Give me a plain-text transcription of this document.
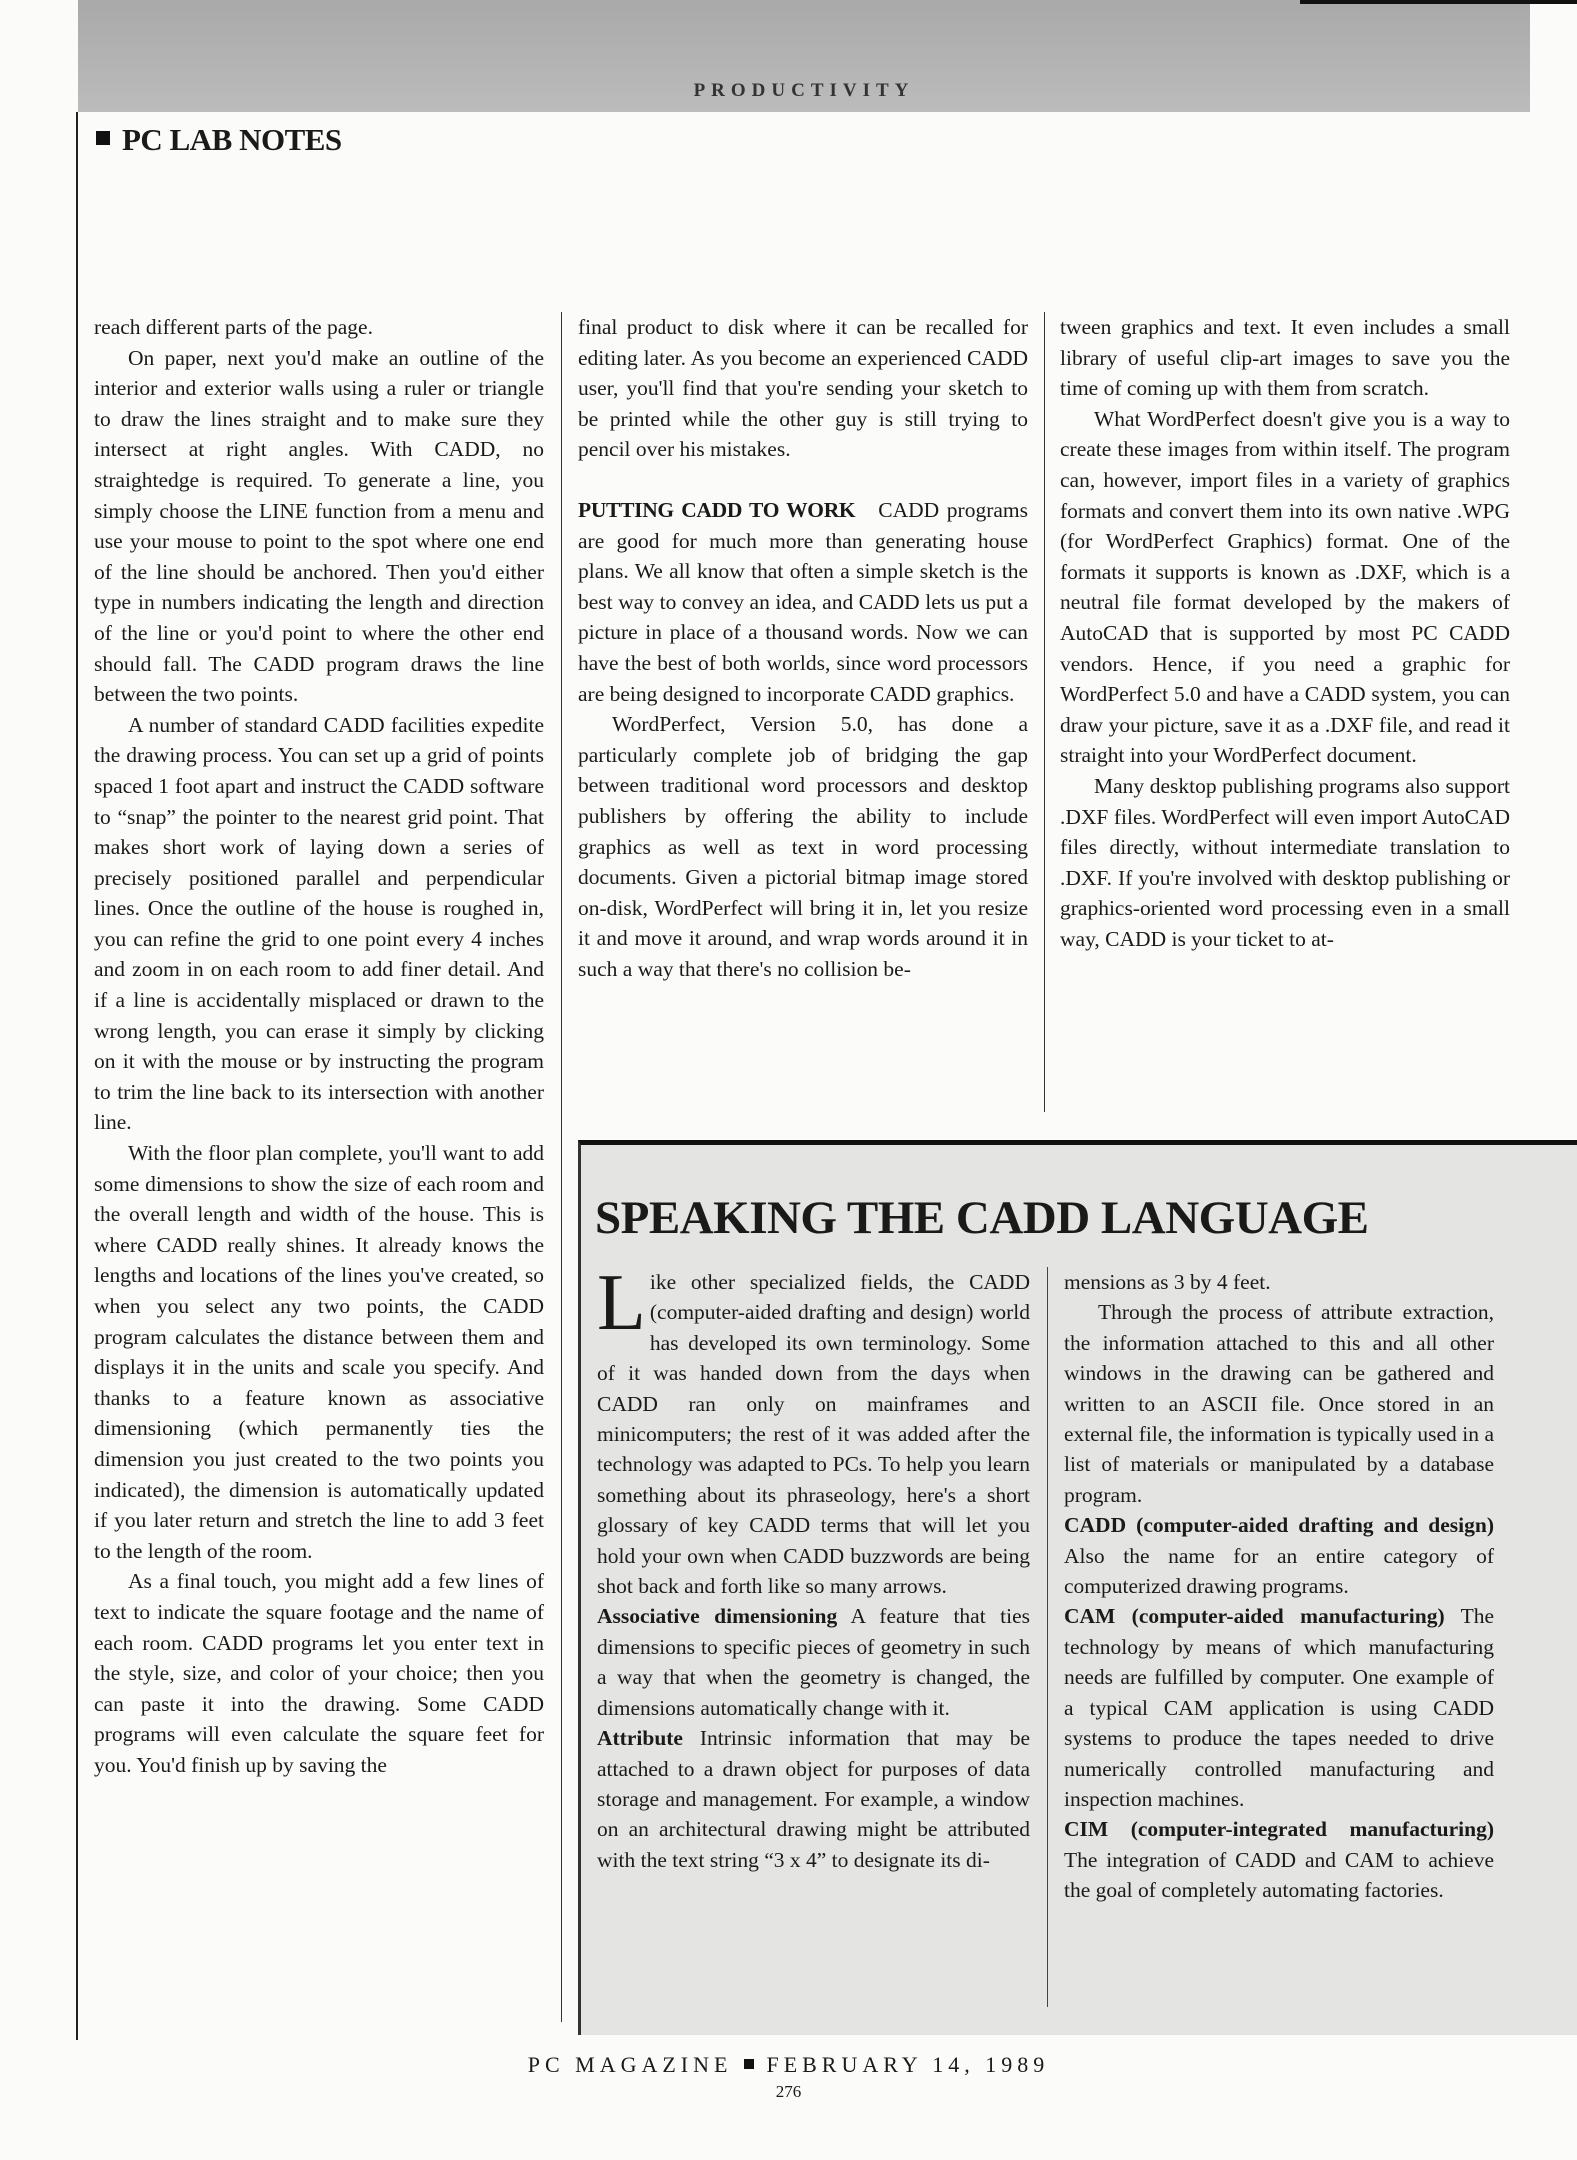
PRODUCTIVITY
PC LAB NOTES

reach different parts of the page.

On paper, next you'd make an outline of the interior and exterior walls using a ruler or triangle to draw the lines straight and to make sure they intersect at right angles. With CADD, no straightedge is required. To generate a line, you simply choose the LINE function from a menu and use your mouse to point to the spot where one end of the line should be anchored. Then you'd either type in numbers indicating the length and direction of the line or you'd point to where the other end should fall. The CADD program draws the line between the two points.

A number of standard CADD facilities expedite the drawing process. You can set up a grid of points spaced 1 foot apart and instruct the CADD software to “snap” the pointer to the nearest grid point. That makes short work of laying down a series of precisely positioned parallel and perpendicular lines. Once the outline of the house is roughed in, you can refine the grid to one point every 4 inches and zoom in on each room to add finer detail. And if a line is accidentally misplaced or drawn to the wrong length, you can erase it simply by clicking on it with the mouse or by instructing the program to trim the line back to its intersection with another line.

With the floor plan complete, you'll want to add some dimensions to show the size of each room and the overall length and width of the house. This is where CADD really shines. It already knows the lengths and locations of the lines you've created, so when you select any two points, the CADD program calculates the distance between them and displays it in the units and scale you specify. And thanks to a feature known as associative dimensioning (which permanently ties the dimension you just created to the two points you indicated), the dimension is automatically updated if you later return and stretch the line to add 3 feet to the length of the room.

As a final touch, you might add a few lines of text to indicate the square footage and the name of each room. CADD programs let you enter text in the style, size, and color of your choice; then you can paste it into the drawing. Some CADD programs will even calculate the square feet for you. You'd finish up by saving the

final product to disk where it can be recalled for editing later. As you become an experienced CADD user, you'll find that you're sending your sketch to be printed while the other guy is still trying to pencil over his mistakes.

PUTTING CADD TO WORK CADD programs are good for much more than generating house plans. We all know that often a simple sketch is the best way to convey an idea, and CADD lets us put a picture in place of a thousand words. Now we can have the best of both worlds, since word processors are being designed to incorporate CADD graphics.

WordPerfect, Version 5.0, has done a particularly complete job of bridging the gap between traditional word processors and desktop publishers by offering the ability to include graphics as well as text in word processing documents. Given a pictorial bitmap image stored on-disk, WordPerfect will bring it in, let you resize it and move it around, and wrap words around it in such a way that there's no collision be-

tween graphics and text. It even includes a small library of useful clip-art images to save you the time of coming up with them from scratch.

What WordPerfect doesn't give you is a way to create these images from within itself. The program can, however, import files in a variety of graphics formats and convert them into its own native .WPG (for WordPerfect Graphics) format. One of the formats it supports is known as .DXF, which is a neutral file format developed by the makers of AutoCAD that is supported by most PC CADD vendors. Hence, if you need a graphic for WordPerfect 5.0 and have a CADD system, you can draw your picture, save it as a .DXF file, and read it straight into your WordPerfect document.

Many desktop publishing programs also support .DXF files. WordPerfect will even import AutoCAD files directly, without intermediate translation to .DXF. If you're involved with desktop publishing or graphics-oriented word processing even in a small way, CADD is your ticket to at-

SPEAKING THE CADD LANGUAGE

Like other specialized fields, the CADD (computer-aided drafting and design) world has developed its own terminology. Some of it was handed down from the days when CADD ran only on mainframes and minicomputers; the rest of it was added after the technology was adapted to PCs. To help you learn something about its phraseology, here's a short glossary of key CADD terms that will let you hold your own when CADD buzzwords are being shot back and forth like so many arrows.

Associative dimensioning A feature that ties dimensions to specific pieces of geometry in such a way that when the geometry is changed, the dimensions automatically change with it.

Attribute Intrinsic information that may be attached to a drawn object for purposes of data storage and management. For example, a window on an architectural drawing might be attributed with the text string “3 x 4” to designate its di-

mensions as 3 by 4 feet.

Through the process of attribute extraction, the information attached to this and all other windows in the drawing can be gathered and written to an ASCII file. Once stored in an external file, the information is typically used in a list of materials or manipulated by a database program.

CADD (computer-aided drafting and design) Also the name for an entire category of computerized drawing programs.

CAM (computer-aided manufacturing) The technology by means of which manufacturing needs are fulfilled by computer. One example of a typical CAM application is using CADD systems to produce the tapes needed to drive numerically controlled manufacturing and inspection machines.

CIM (computer-integrated manufacturing) The integration of CADD and CAM to achieve the goal of completely automating factories.

PC MAGAZINE FEBRUARY 14, 1989
276
